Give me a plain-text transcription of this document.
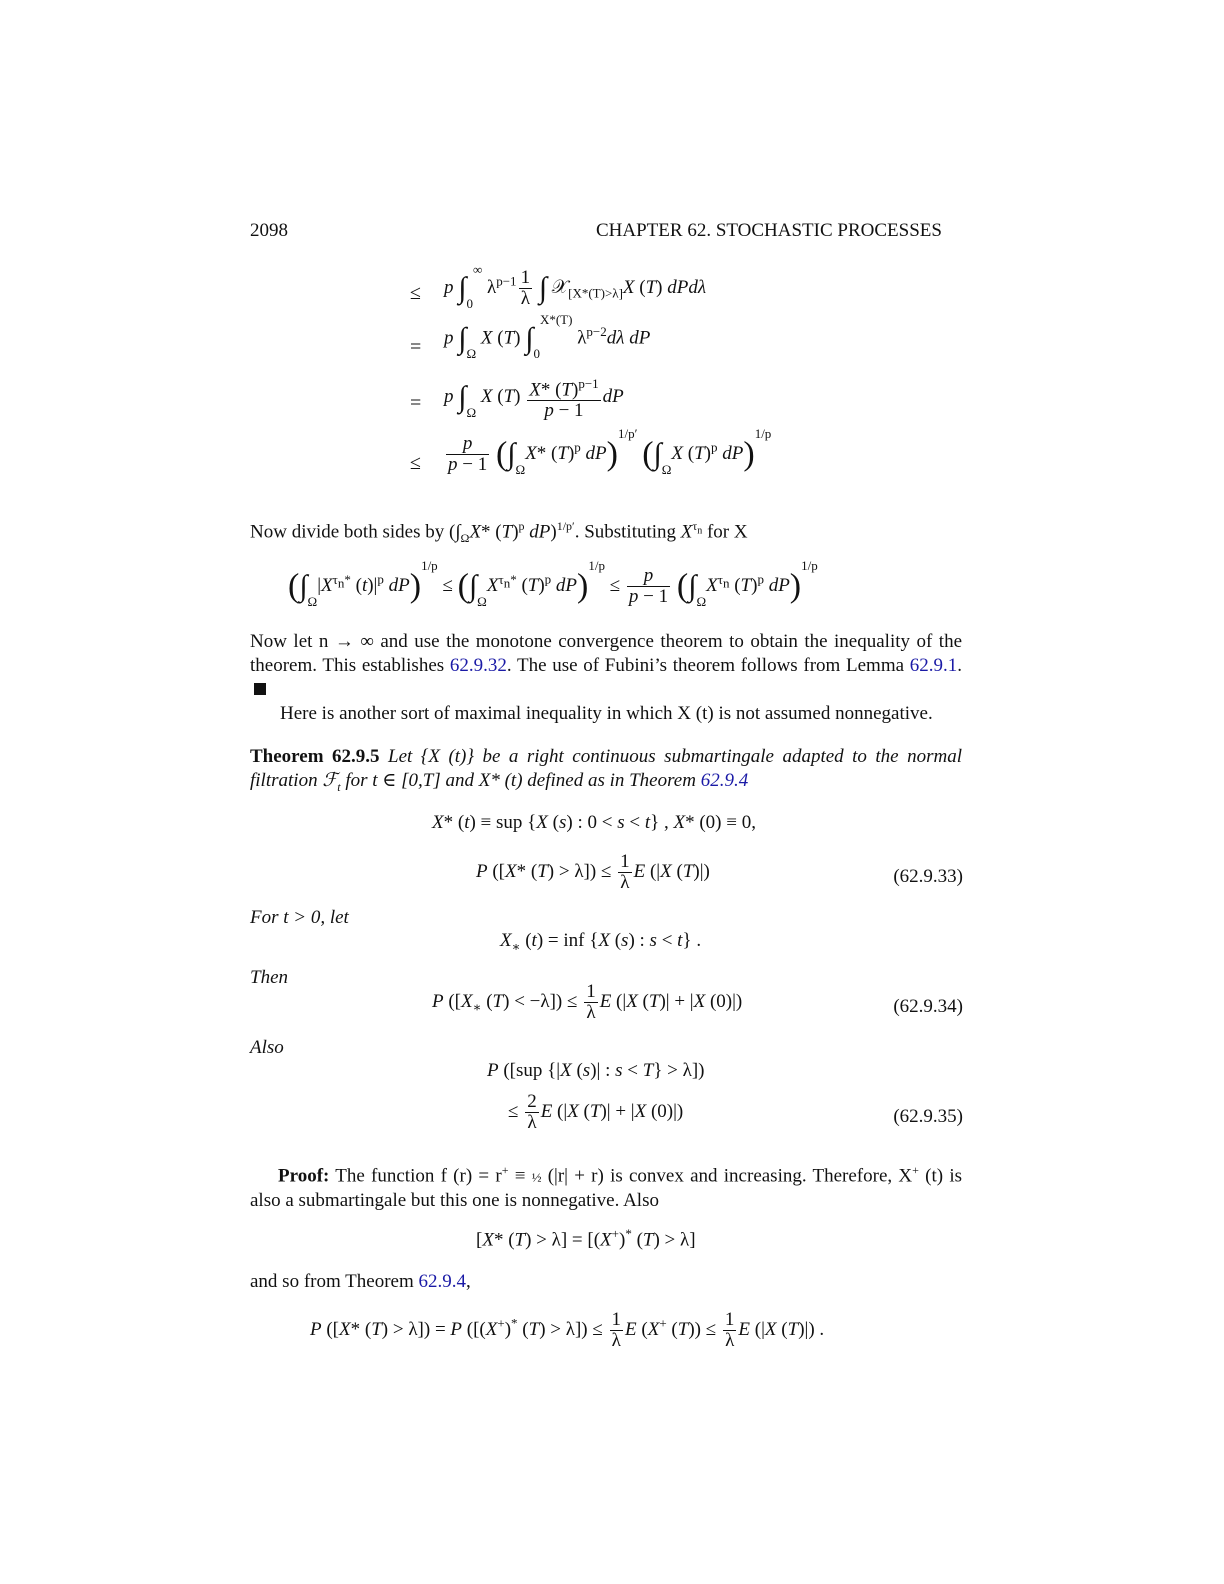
2098	CHAPTER 62. STOCHASTIC PROCESSES
≤ p $\int_0^\infty$ $\lambda^{p-1} \frac{1}{\lambda}$ ∫ 𝒳$_{[X*(T)>\lambda]}$X (T) dPdλ
= p $\int_\Omega$ X (T) $\int_0^{X*(T)}$ $\lambda^{p-2}d\lambda$ dP
= p $\int_\Omega$ X $(T) \frac{X* (T)^{p-1}}{p - 1}$ dP
≤ $\frac{p}{p - 1} (\int_\Omega X*$ $(T)^p$ dP)$^{1/p'}$ ($\int_\Omega X$ $(T)^p$ dP)$^{1/p}$
Now divide both sides by ($\int_\Omega X*$ $(T)^p$ dP)$^{1/p'}$. Substituting $X^{\tau_n}$ for X
($\int_\Omega|X^{\tau_n*}$ $(t)|^p$ $dP)^{1/p} \le (\int_\Omega X^{\tau_n*}$ $(T)^p$ $dP)^{1/p} \le \frac{p}{p - 1} (\int_\Omega X^{\tau_n}$ $(T)^p$ dP)$^{1/p}$
Now let n → ∞ and use the monotone convergence theorem to obtain the inequality of the theorem. This establishes 62.9.32. The use of Fubini’s theorem follows from Lemma 62.9.1.
Here is another sort of maximal inequality in which X (t) is not assumed nonnegative.
Theorem 62.9.5 Let {X (t)} be a right continuous submartingale adapted to the normal filtration ℱ$_t$ for t ∈ [0,T] and X* (t) defined as in Theorem 62.9.4
X* (t) ≡ sup {X (s) : 0 < s < t} , X* (0) ≡ 0,
P ([X* $(T) > \lambda]) \le \frac{1}{\lambda}$ E (|X (T)|)	(62.9.33)
For t > 0, let
$X_∗$ (t) = inf {X (s) : s < t} .
Then
P ([$X_∗$ $(T) < -\lambda]) \le \frac{1}{\lambda}$ E (|X (T)| + |X (0)|)	(62.9.34)
Also
P ([sup {|X (s)| : s < T} > λ])
≤ $\frac{2}{\lambda}$ E (|X (T)| + |X (0)|)	(62.9.35)
Proof: The function f (r) = r+ ≡ ½ (|r| + r) is convex and increasing. Therefore, X+ (t) is also a submartingale but this one is nonnegative. Also
[X* (T) > λ] = [(X+)* (T) > λ]
and so from Theorem 62.9.4,
P ([X* (T) > λ]) = P ([(X+)* $(T) > \lambda]) \le \frac{1}{\lambda}$ E (X+ $(T)) \le \frac{1}{\lambda}$ E (|X (T)|) .
